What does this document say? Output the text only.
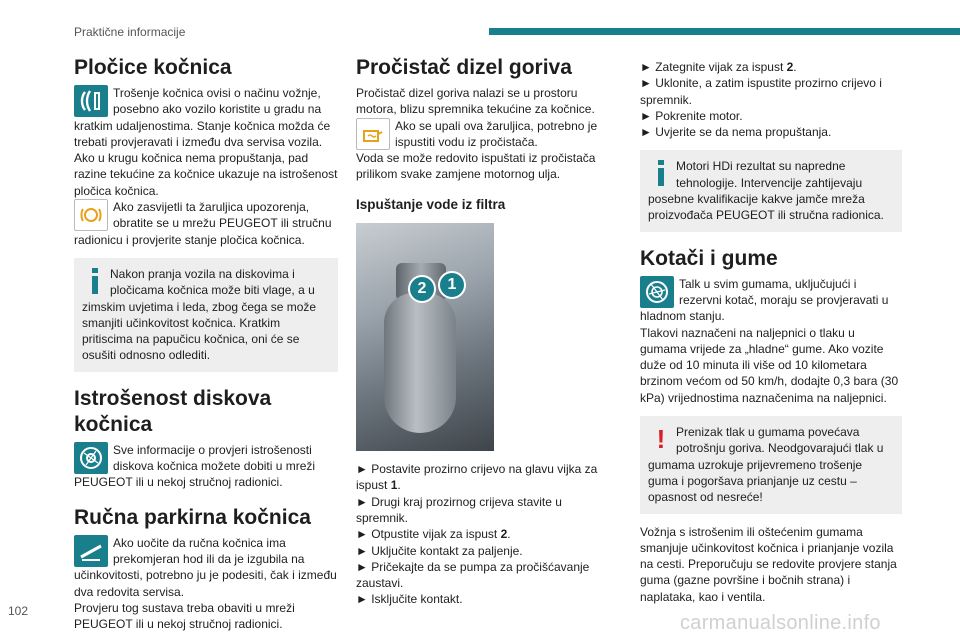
Praktične informacije
Pločice kočnica

Trošenje kočnica ovisi o načinu vožnje, posebno ako vozilo koristite u gradu na kratkim udaljenostima. Stanje kočnica možda će trebati provjeravati i između dva servisa vozila.

Ako u krugu kočnica nema propuštanja, pad razine tekućine za kočnice ukazuje na istrošenost pločica kočnica.

Ako zasvijetli ta žaruljica upozorenja, obratite se u mrežu PEUGEOT ili stručnu radionicu i provjerite stanje pločica kočnica.

Nakon pranja vozila na diskovima i pločicama kočnica može biti vlage, a u zimskim uvjetima i leda, zbog čega se može smanjiti učinkovitost kočnica. Kratkim pritiscima na papučicu kočnica, oni će se osušiti odnosno odlediti.

Istrošenost diskova kočnica

Sve informacije o provjeri istrošenosti diskova kočnica možete dobiti u mreži PEUGEOT ili u nekoj stručnoj radionici.

Ručna parkirna kočnica

Ako uočite da ručna kočnica ima prekomjeran hod ili da je izgubila na učinkovitosti, potrebno ju je podesiti, čak i između dva redovita servisa.

Provjeru tog sustava treba obaviti u mreži PEUGEOT ili u nekoj stručnoj radionici.

Pročistač dizel goriva

Pročistač dizel goriva nalazi se u prostoru motora, blizu spremnika tekućine za kočnice.

Ako se upali ova žaruljica, potrebno je ispustiti vodu iz pročistača.

Voda se može redovito ispuštati iz pročistača prilikom svake zamjene motornog ulja.

Ispuštanje vode iz filtra
2	1

► Postavite prozirno crijevo na glavu vijka za ispust 1.

► Drugi kraj prozirnog crijeva stavite u spremnik.

► Otpustite vijak za ispust 2.

► Uključite kontakt za paljenje.

► Pričekajte da se pumpa za pročišćavanje zaustavi.

► Isključite kontakt.

► Zategnite vijak za ispust 2.

► Uklonite, a zatim ispustite prozirno crijevo i spremnik.

► Pokrenite motor.

► Uvjerite se da nema propuštanja.

Motori HDi rezultat su napredne tehnologije. Intervencije zahtijevaju posebne kvalifikacije kakve jamče mreža proizvođača PEUGEOT ili stručna radionica.

Kotači i gume

Talk u svim gumama, uključujući i rezervni kotač, moraju se provjeravati u hladnom stanju.

Tlakovi naznačeni na naljepnici o tlaku u gumama vrijede za „hladne“ gume. Ako vozite duže od 10 minuta ili više od 10 kilometara brzinom većom od 50 km/h, dodajte 0,3 bara (30 kPa) vrijednostima naznačenima na naljepnici.

! Prenizak tlak u gumama povećava potrošnju goriva. Neodgovarajući tlak u gumama uzrokuje prijevremeno trošenje guma i pogoršava prianjanje uz cestu – opasnost od nesreće!

Vožnja s istrošenim ili oštećenim gumama smanjuje učinkovitost kočnica i prianjanje vozila na cesti. Preporučuju se redovite provjere stanja guma (gazne površine i bočnih strana) i naplataka, kao i ventila.

102
carmanualsonline.info
